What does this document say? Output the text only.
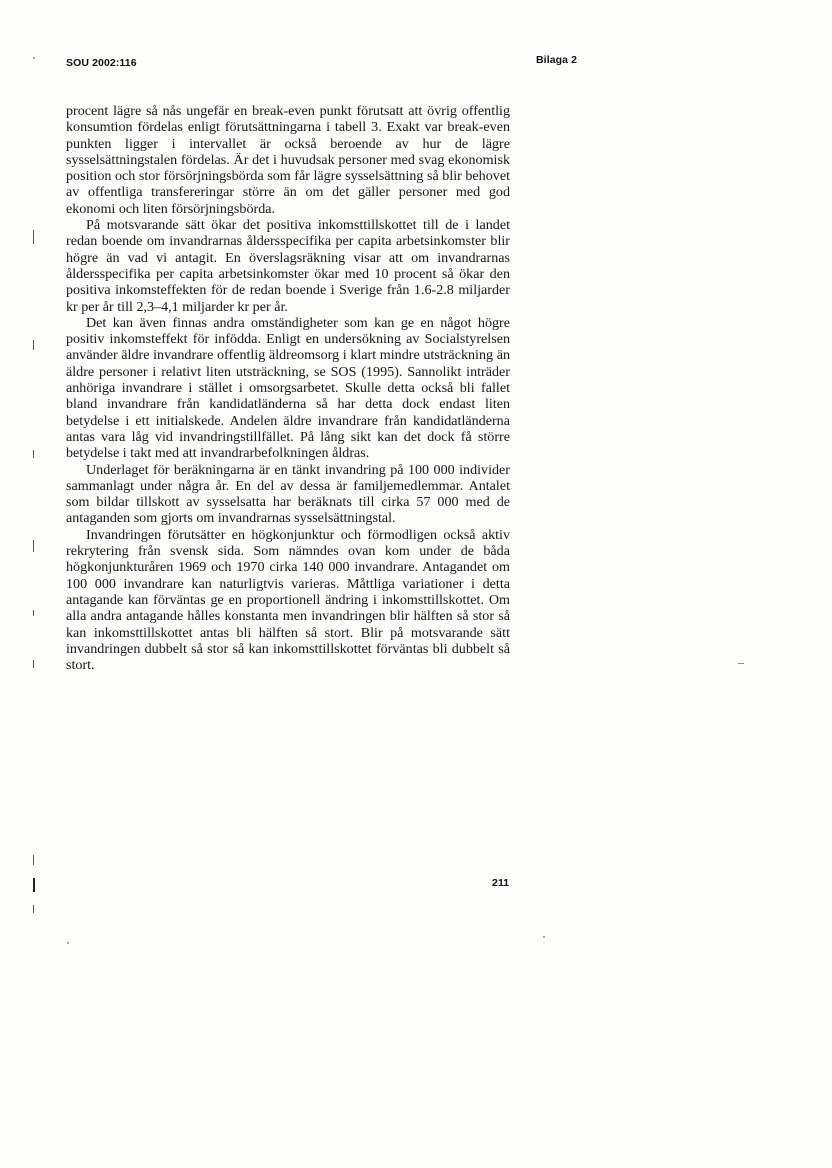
SOU 2002:116	Bilaga 2

procent lägre så nås ungefär en break-even punkt förutsatt att övrig offentlig konsumtion fördelas enligt förutsättningarna i tabell 3. Exakt var break-even punkten ligger i intervallet är också beroende av hur de lägre sysselsättningstalen fördelas. Är det i huvudsak personer med svag ekonomisk position och stor försörjningsbörda som får lägre sysselsättning så blir behovet av offentliga transfereringar större än om det gäller personer med god ekonomi och liten försörjningsbörda.

På motsvarande sätt ökar det positiva inkomsttillskottet till de i landet redan boende om invandrarnas åldersspecifika per capita arbetsinkomster blir högre än vad vi antagit. En överslagsräkning visar att om invandrarnas åldersspecifika per capita arbetsinkomster ökar med 10 procent så ökar den positiva inkomsteffekten för de redan boende i Sverige från 1.6-2.8 miljarder kr per år till 2,3–4,1 miljarder kr per år.

Det kan även finnas andra omständigheter som kan ge en något högre positiv inkomsteffekt för infödda. Enligt en undersökning av Socialstyrelsen använder äldre invandrare offentlig äldreomsorg i klart mindre utsträckning än äldre personer i relativt liten utsträckning, se SOS (1995). Sannolikt inträder anhöriga invandrare i stället i omsorgsarbetet. Skulle detta också bli fallet bland invandrare från kandidatländerna så har detta dock endast liten betydelse i ett initialskede. Andelen äldre invandrare från kandidatländerna antas vara låg vid invandringstillfället. På lång sikt kan det dock få större betydelse i takt med att invandrarbefolkningen åldras.

Underlaget för beräkningarna är en tänkt invandring på 100 000 individer sammanlagt under några år. En del av dessa är familjemedlemmar. Antalet som bildar tillskott av sysselsatta har beräknats till cirka 57 000 med de antaganden som gjorts om invandrarnas sysselsättningstal.

Invandringen förutsätter en högkonjunktur och förmodligen också aktiv rekrytering från svensk sida. Som nämndes ovan kom under de båda högkonjunkturåren 1969 och 1970 cirka 140 000 invandrare. Antagandet om 100 000 invandrare kan naturligtvis varieras. Måttliga variationer i detta antagande kan förväntas ge en proportionell ändring i inkomsttillskottet. Om alla andra antagande hålles konstanta men invandringen blir hälften så stor så kan inkomsttillskottet antas bli hälften så stort. Blir på motsvarande sätt invandringen dubbelt så stor så kan inkomsttillskottet förväntas bli dubbelt så stort.

211
